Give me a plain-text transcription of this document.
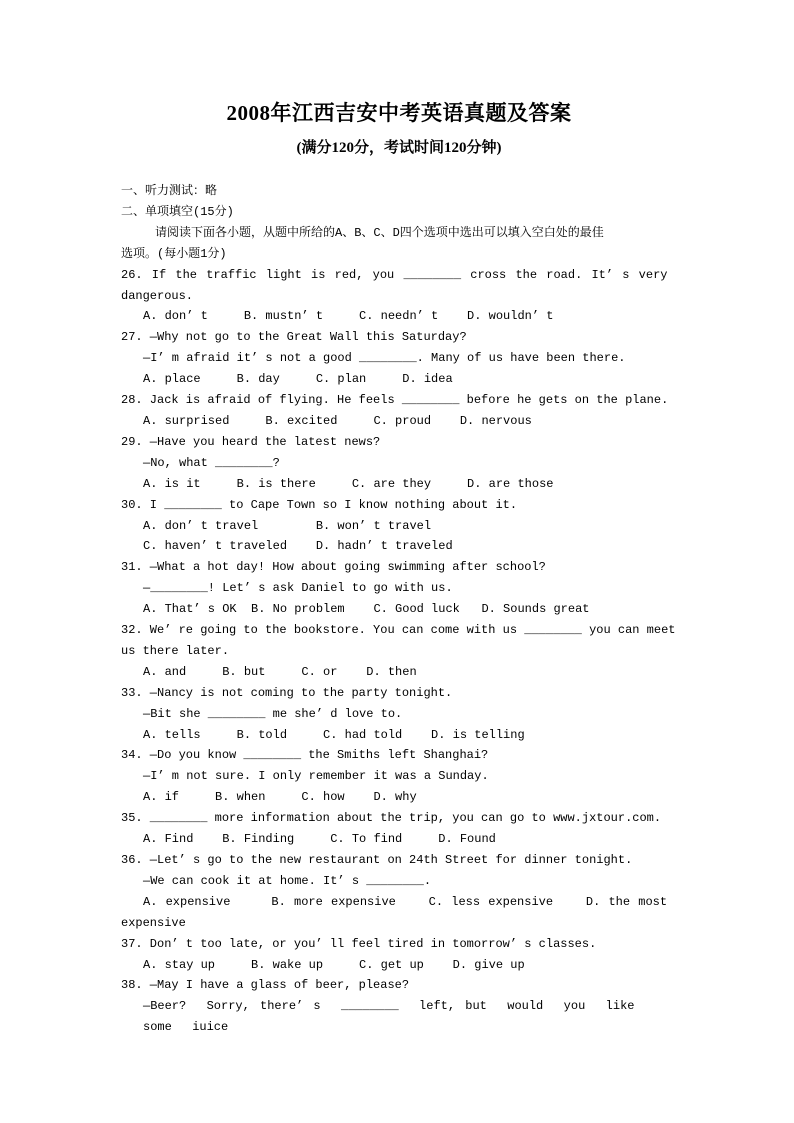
2008年江西吉安中考英语真题及答案
(满分120分，考试时间120分钟)
一、听力测试：略
二、单项填空(15分)
请阅读下面各小题，从题中所给的A、B、C、D四个选项中选出可以填入空白处的最佳
选项。(每小题1分)
26. If the traffic light is red, you ________ cross the road. It’ s very
dangerous.
A. don’ t     B. mustn’ t     C. needn’ t    D. wouldn’ t
27. —Why not go to the Great Wall this Saturday?
—I’ m afraid it’ s not a good ________. Many of us have been there.
A. place     B. day     C. plan     D. idea
28. Jack is afraid of flying. He feels ________ before he gets on the plane.
A. surprised     B. excited     C. proud    D. nervous
29. —Have you heard the latest news?
—No, what ________?
A. is it     B. is there     C. are they     D. are those
30. I ________ to Cape Town so I know nothing about it.
A. don’ t travel        B. won’ t travel
C. haven’ t traveled    D. hadn’ t traveled
31. —What a hot day! How about going swimming after school?
—________! Let’ s ask Daniel to go with us.
A. That’ s OK  B. No problem    C. Good luck   D. Sounds great
32. We’ re going to the bookstore. You can come with us ________ you can meet
us there later.
A. and     B. but     C. or    D. then
33. —Nancy is not coming to the party tonight.
—Bit she ________ me she’ d love to.
A. tells     B. told     C. had told    D. is telling
34. —Do you know ________ the Smiths left Shanghai?
—I’ m not sure. I only remember it was a Sunday.
A. if     B. when     C. how    D. why
35. ________ more information about the trip, you can go to www.jxtour.com.
A. Find    B. Finding     C. To find     D. Found
36. —Let’ s go to the new restaurant on 24th Street for dinner tonight.
—We can cook it at home. It’ s ________.
A. expensive     B. more expensive    C. less expensive    D. the most
expensive
37. Don’ t too late, or you’ ll feel tired in tomorrow’ s classes.
A. stay up     B. wake up     C. get up    D. give up
38. —May I have a glass of beer, please?
—Beer?  Sorry, there’ s  ________  left, but  would  you  like  some  iuice
